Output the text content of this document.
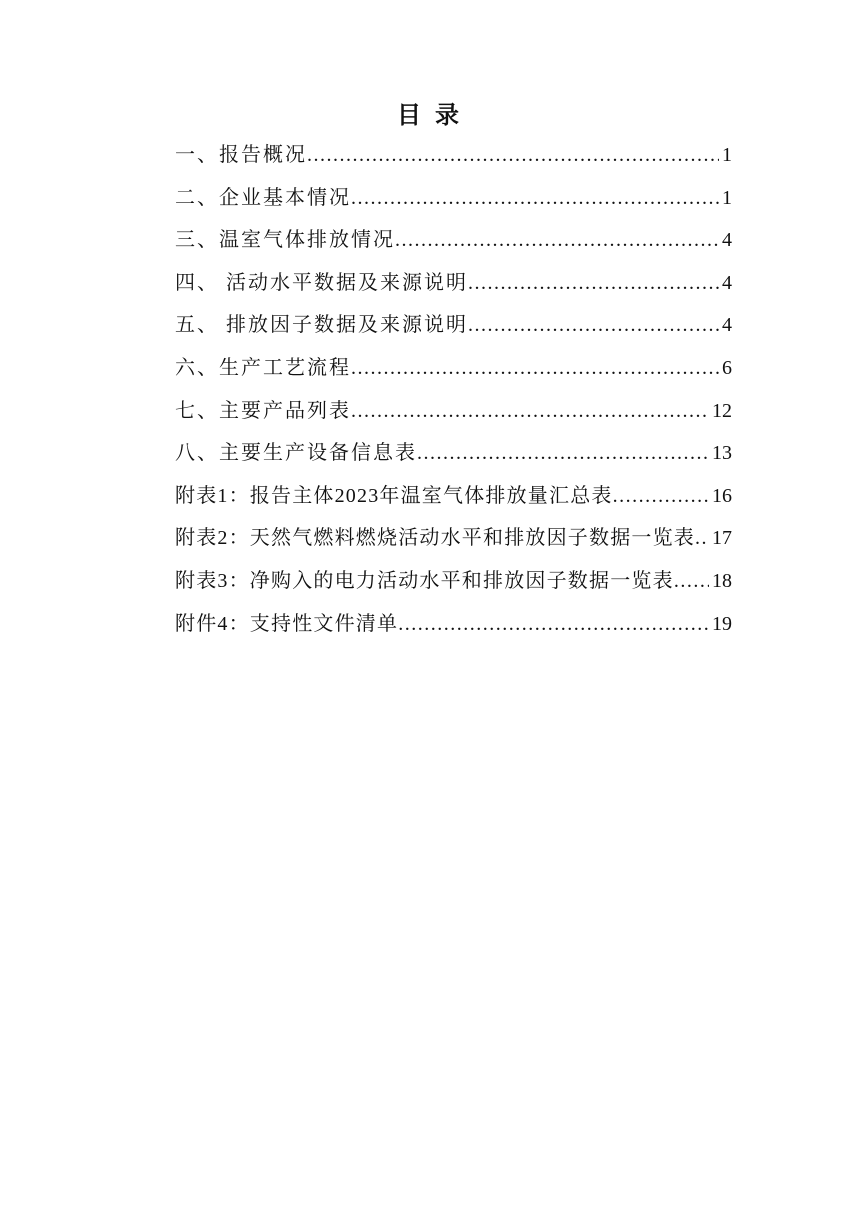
目 录
一、报告概况 .....	1
二、企业基本情况 .....	1
三、温室气体排放情况 .....	4
四、 活动水平数据及来源说明 .....	4
五、 排放因子数据及来源说明 .....	4
六、生产工艺流程 .....	6
七、主要产品列表 .....	12
八、主要生产设备信息表 .....	13
附表1：报告主体2023年温室气体排放量汇总表 .....	16
附表2：天然气燃料燃烧活动水平和排放因子数据一览表 ..... 17
附表3：净购入的电力活动水平和排放因子数据一览表 ..... 18
附件4：支持性文件清单 .....	19
